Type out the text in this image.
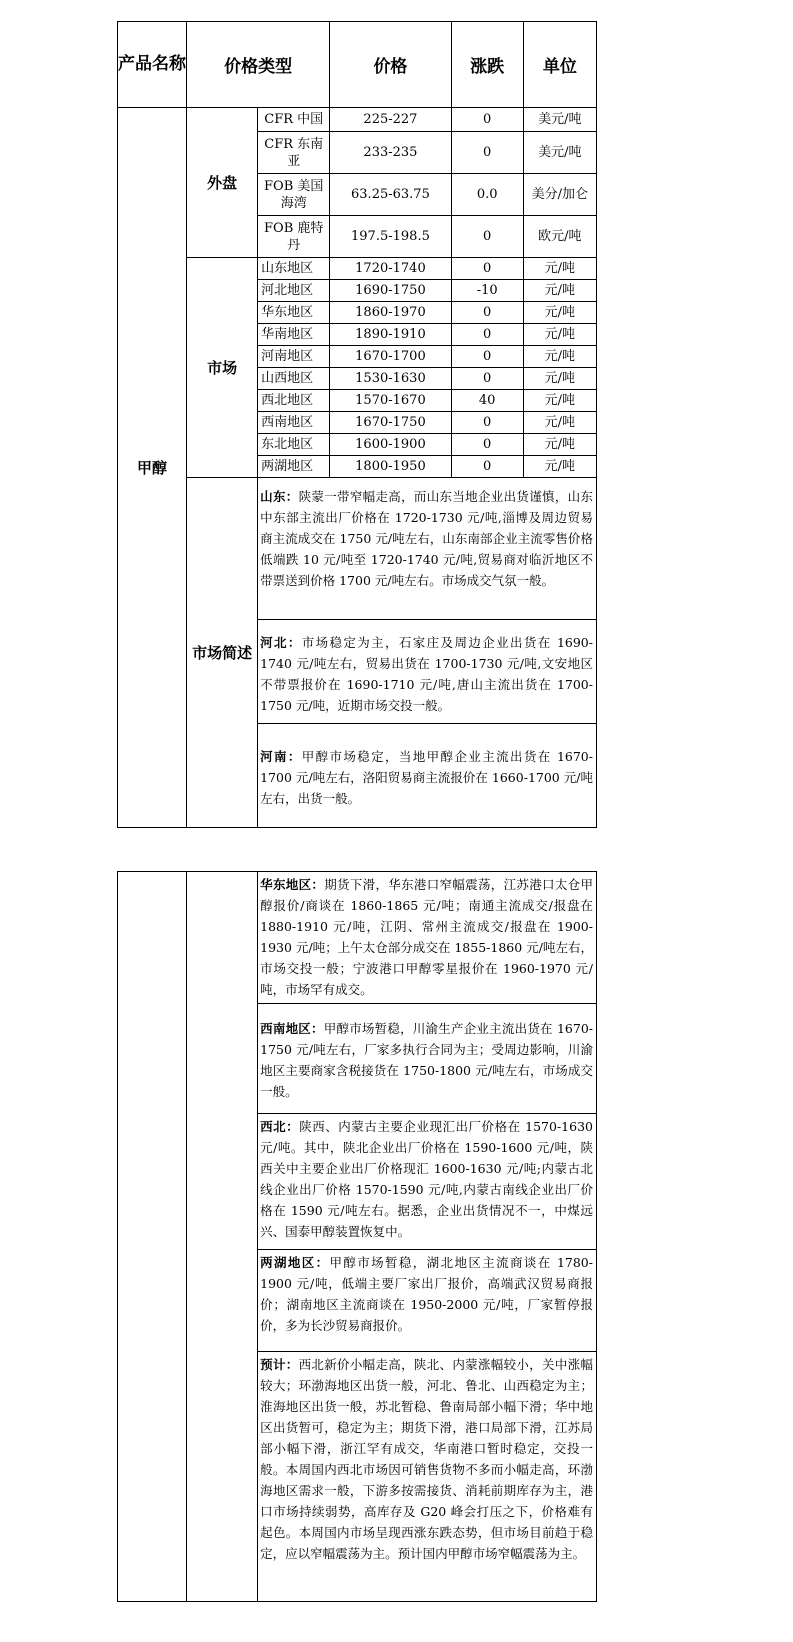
产品名称	价格类型		价格	涨跌	单位
甲醇	外盘	CFR 中国	225-227	0	美元/吨
		CFR 东南亚	233-235	0	美元/吨
		FOB 美国海湾	63.25-63.75	0.0	美分/加仑
		FOB 鹿特丹	197.5-198.5	0	欧元/吨
	市场	山东地区	1720-1740	0	元/吨
		河北地区	1690-1750	-10	元/吨
		华东地区	1860-1970	0	元/吨
		华南地区	1890-1910	0	元/吨
		河南地区	1670-1700	0	元/吨
		山西地区	1530-1630	0	元/吨
		西北地区	1570-1670	40	元/吨
		西南地区	1670-1750	0	元/吨
		东北地区	1600-1900	0	元/吨
		两湖地区	1800-1950	0	元/吨
	市场简述	山东：陕蒙一带窄幅走高，而山东当地企业出货谨慎，山东中东部主流出厂价格在 1720-1730 元/吨,淄博及周边贸易商主流成交在 1750 元/吨左右，山东南部企业主流零售价格低端跌 10 元/吨至 1720-1740 元/吨,贸易商对临沂地区不带票送到价格 1700 元/吨左右。市场成交气氛一般。			
		河北：市场稳定为主，石家庄及周边企业出货在 1690-1740 元/吨左右，贸易出货在 1700-1730 元/吨,文安地区不带票报价在 1690-1710 元/吨,唐山主流出货在 1700-1750 元/吨，近期市场交投一般。			
		河南：甲醇市场稳定，当地甲醇企业主流出货在 1670-1700 元/吨左右，洛阳贸易商主流报价在 1660-1700 元/吨左右，出货一般。			
		华东地区：期货下滑，华东港口窄幅震荡，江苏港口太仓甲醇报价/商谈在 1860-1865 元/吨；南通主流成交/报盘在 1880-1910 元/吨，江阴、常州主流成交/报盘在 1900-1930 元/吨；上午太仓部分成交在 1855-1860 元/吨左右，市场交投一般；宁波港口甲醇零星报价在 1960-1970 元/吨，市场罕有成交。
西南地区：甲醇市场暂稳，川渝生产企业主流出货在 1670-1750 元/吨左右，厂家多执行合同为主；受周边影响，川渝地区主要商家含税接货在 1750-1800 元/吨左右，市场成交一般。
西北：陕西、内蒙古主要企业现汇出厂价格在 1570-1630 元/吨。其中，陕北企业出厂价格在 1590-1600 元/吨，陕西关中主要企业出厂价格现汇 1600-1630 元/吨;内蒙古北线企业出厂价格 1570-1590 元/吨,内蒙古南线企业出厂价格在 1590 元/吨左右。据悉，企业出货情况不一，中煤远兴、国泰甲醇装置恢复中。
两湖地区：甲醇市场暂稳，湖北地区主流商谈在 1780-1900 元/吨，低端主要厂家出厂报价，高端武汉贸易商报价；湖南地区主流商谈在 1950-2000 元/吨，厂家暂停报价，多为长沙贸易商报价。
预计：西北新价小幅走高，陕北、内蒙涨幅较小，关中涨幅较大；环渤海地区出货一般，河北、鲁北、山西稳定为主；淮海地区出货一般，苏北暂稳、鲁南局部小幅下滑；华中地区出货暂可，稳定为主；期货下滑，港口局部下滑，江苏局部小幅下滑，浙江罕有成交，华南港口暂时稳定，交投一般。本周国内西北市场因可销售货物不多而小幅走高，环渤海地区需求一般，下游多按需接货、消耗前期库存为主，港口市场持续弱势，高库存及 G20 峰会打压之下，价格难有起色。本周国内市场呈现西涨东跌态势，但市场目前趋于稳定，应以窄幅震荡为主。预计国内甲醇市场窄幅震荡为主。
